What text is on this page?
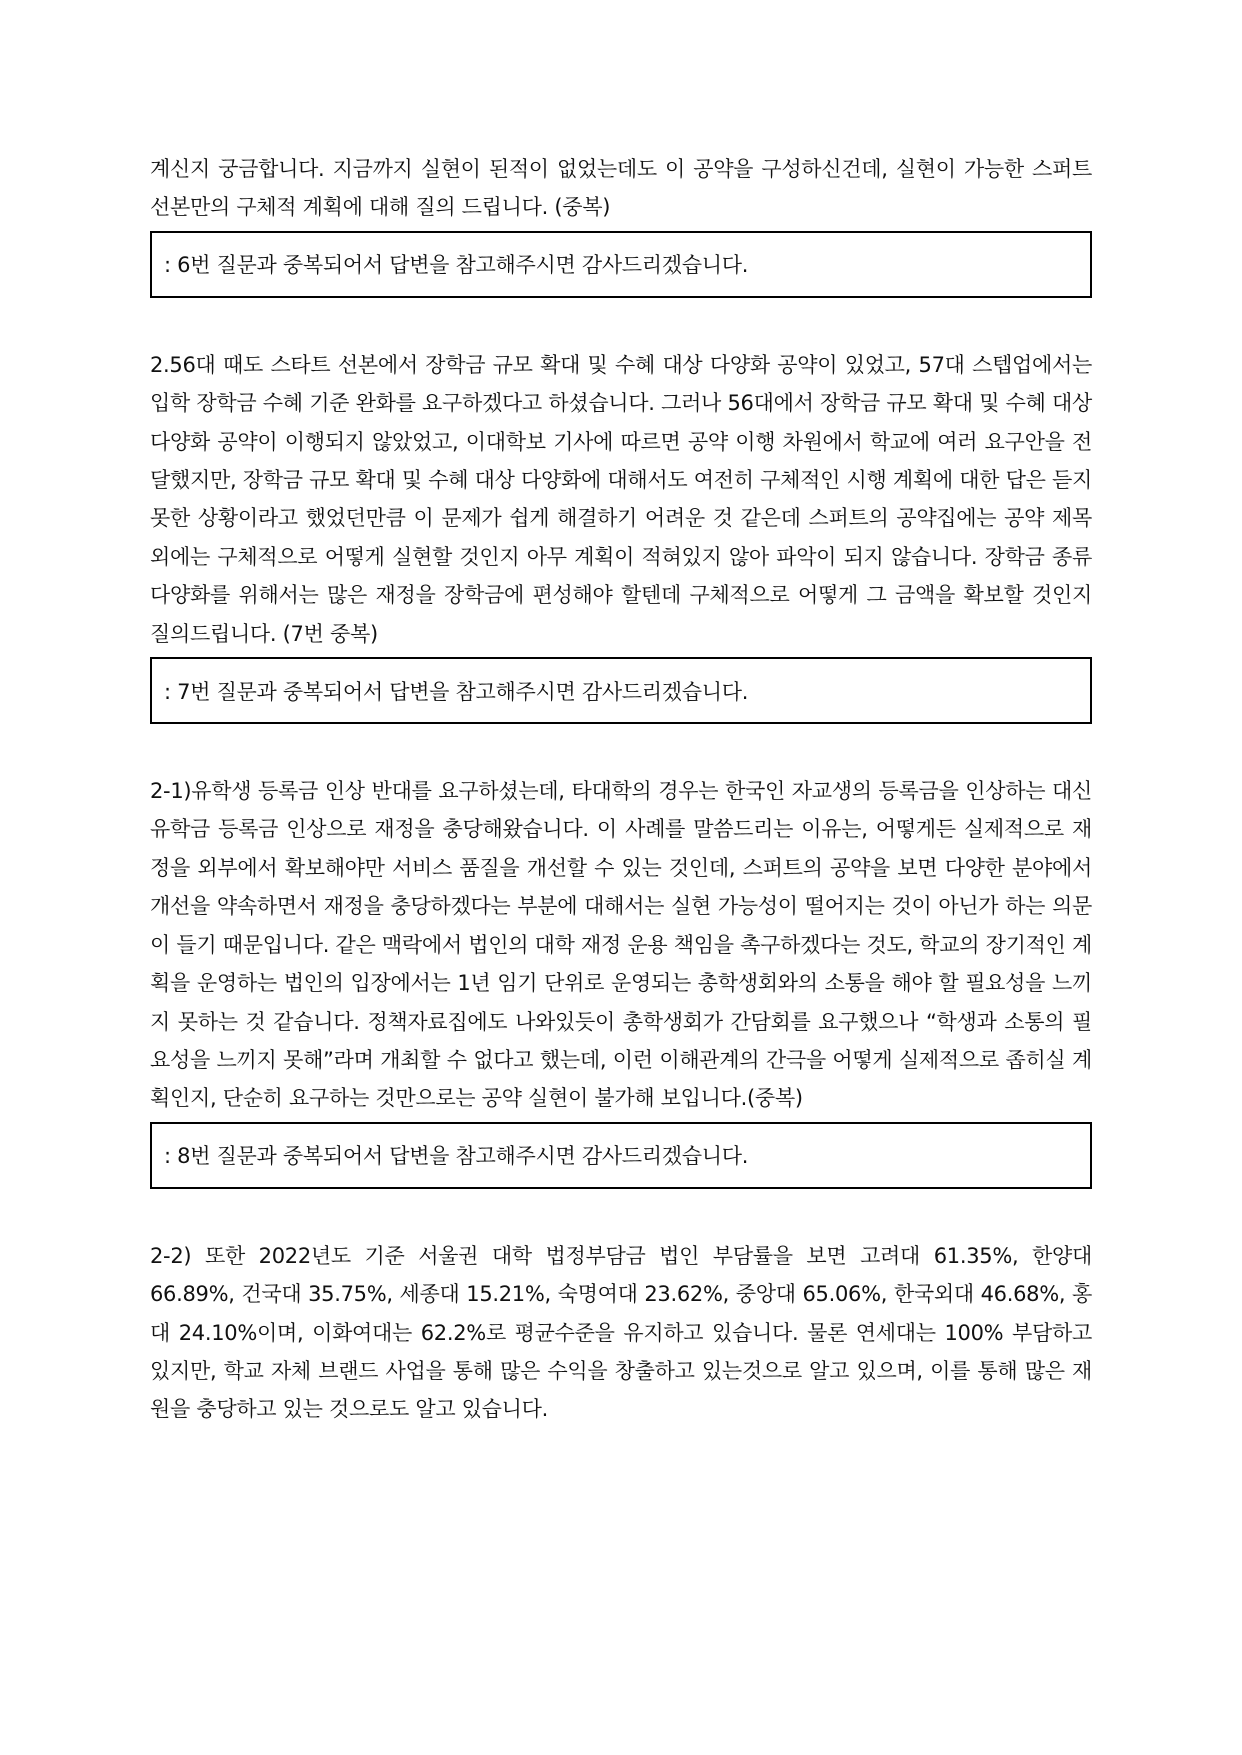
계신지 궁금합니다. 지금까지 실현이 된적이 없었는데도 이 공약을 구성하신건데, 실현이 가능한 스퍼트 선본만의 구체적 계획에 대해 질의 드립니다. (중복)

: 6번 질문과 중복되어서 답변을 참고해주시면 감사드리겠습니다.

2.56대 때도 스타트 선본에서 장학금 규모 확대 및 수혜 대상 다양화 공약이 있었고, 57대 스텝업에서는 입학 장학금 수혜 기준 완화를 요구하겠다고 하셨습니다. 그러나 56대에서 장학금 규모 확대 및 수혜 대상 다양화 공약이 이행되지 않았었고, 이대학보 기사에 따르면 공약 이행 차원에서 학교에 여러 요구안을 전달했지만, 장학금 규모 확대 및 수혜 대상 다양화에 대해서도 여전히 구체적인 시행 계획에 대한 답은 듣지 못한 상황이라고 했었던만큼 이 문제가 쉽게 해결하기 어려운 것 같은데 스퍼트의 공약집에는 공약 제목 외에는 구체적으로 어떻게 실현할 것인지 아무 계획이 적혀있지 않아 파악이 되지 않습니다. 장학금 종류 다양화를 위해서는 많은 재정을 장학금에 편성해야 할텐데 구체적으로 어떻게 그 금액을 확보할 것인지 질의드립니다. (7번 중복)

: 7번 질문과 중복되어서 답변을 참고해주시면 감사드리겠습니다.

2-1)유학생 등록금 인상 반대를 요구하셨는데, 타대학의 경우는 한국인 자교생의 등록금을 인상하는 대신 유학금 등록금 인상으로 재정을 충당해왔습니다. 이 사례를 말씀드리는 이유는, 어떻게든 실제적으로 재정을 외부에서 확보해야만 서비스 품질을 개선할 수 있는 것인데, 스퍼트의 공약을 보면 다양한 분야에서 개선을 약속하면서 재정을 충당하겠다는 부분에 대해서는 실현 가능성이 떨어지는 것이 아닌가 하는 의문이 들기 때문입니다. 같은 맥락에서 법인의 대학 재정 운용 책임을 촉구하겠다는 것도, 학교의 장기적인 계획을 운영하는 법인의 입장에서는 1년 임기 단위로 운영되는 총학생회와의 소통을 해야 할 필요성을 느끼지 못하는 것 같습니다. 정책자료집에도 나와있듯이 총학생회가 간담회를 요구했으나 “학생과 소통의 필요성을 느끼지 못해”라며 개최할 수 없다고 했는데, 이런 이해관계의 간극을 어떻게 실제적으로 좁히실 계획인지, 단순히 요구하는 것만으로는 공약 실현이 불가해 보입니다.(중복)

: 8번 질문과 중복되어서 답변을 참고해주시면 감사드리겠습니다.

2-2) 또한 2022년도 기준 서울권 대학 법정부담금 법인 부담률을 보면 고려대 61.35%, 한양대 66.89%, 건국대 35.75%, 세종대 15.21%, 숙명여대 23.62%, 중앙대 65.06%, 한국외대 46.68%, 홍대 24.10%이며, 이화여대는 62.2%로 평균수준을 유지하고 있습니다. 물론 연세대는 100% 부담하고 있지만, 학교 자체 브랜드 사업을 통해 많은 수익을 창출하고 있는것으로 알고 있으며, 이를 통해 많은 재원을 충당하고 있는 것으로도 알고 있습니다.
